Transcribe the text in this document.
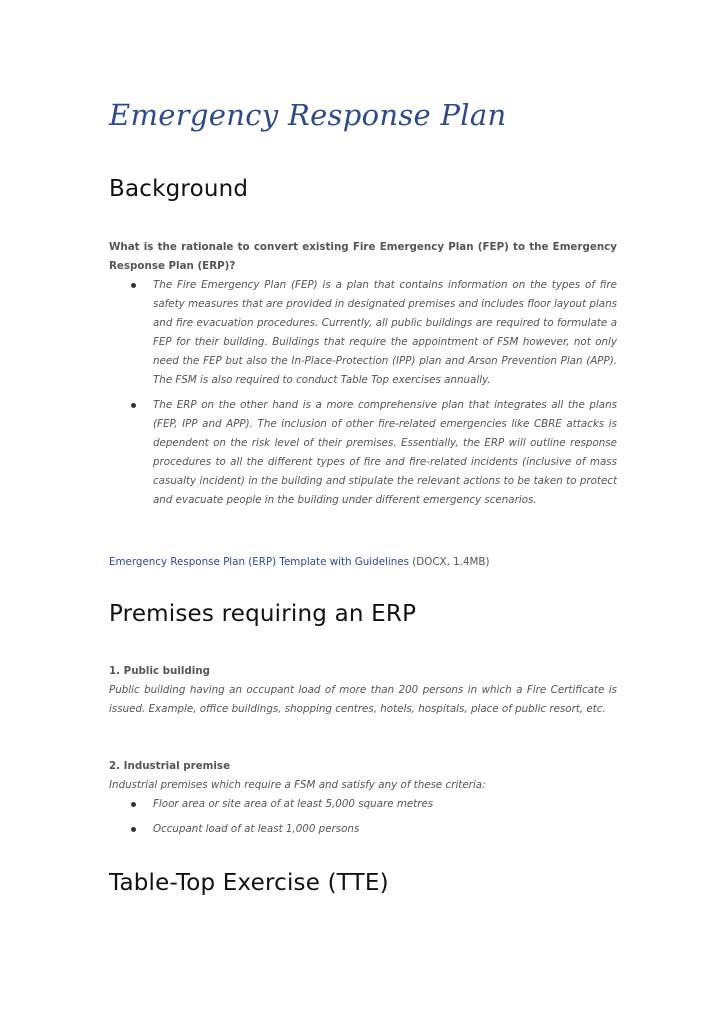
Emergency Response Plan
Background

What is the rationale to convert existing Fire Emergency Plan (FEP) to the Emergency Response Plan (ERP)?

The Fire Emergency Plan (FEP) is a plan that contains information on the types of fire safety measures that are provided in designated premises and includes floor layout plans and fire evacuation procedures. Currently, all public buildings are required to formulate a FEP for their building. Buildings that require the appointment of FSM however, not only need the FEP but also the In-Place-Protection (IPP) plan and Arson Prevention Plan (APP). The FSM is also required to conduct Table Top exercises annually.
The ERP on the other hand is a more comprehensive plan that integrates all the plans (FEP, IPP and APP). The inclusion of other fire-related emergencies like CBRE attacks is dependent on the risk level of their premises. Essentially, the ERP will outline response procedures to all the different types of fire and fire-related incidents (inclusive of mass casualty incident) in the building and stipulate the relevant actions to be taken to protect and evacuate people in the building under different emergency scenarios.

Emergency Response Plan (ERP) Template with Guidelines (DOCX, 1.4MB)

Premises requiring an ERP

1. Public building

Public building having an occupant load of more than 200 persons in which a Fire Certificate is issued. Example, office buildings, shopping centres, hotels, hospitals, place of public resort, etc.

2. Industrial premise

Industrial premises which require a FSM and satisfy any of these criteria:

Floor area or site area of at least 5,000 square metres
Occupant load of at least 1,000 persons
Table-Top Exercise (TTE)
